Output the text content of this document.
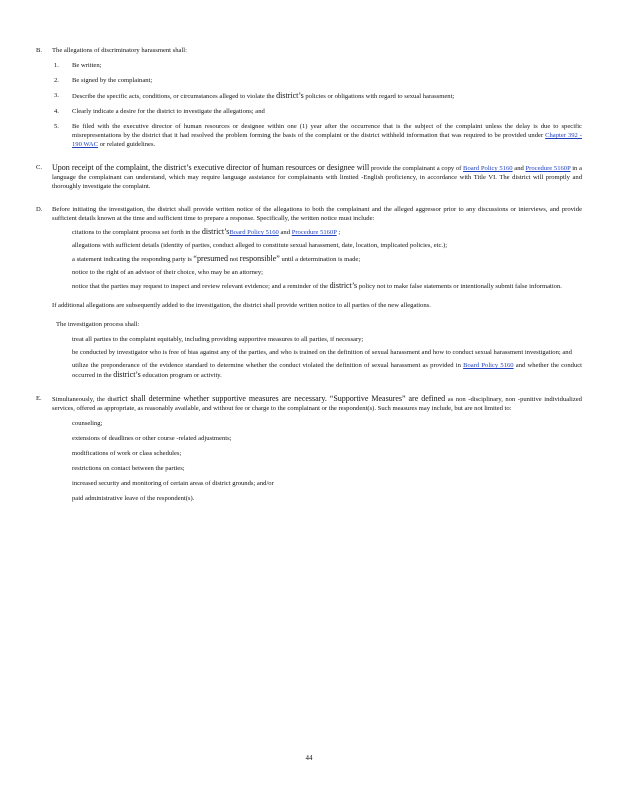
B. The allegations of discriminatory harassment shall:
1. Be written;
2. Be signed by the complainant;
3. Describe the specific acts, conditions, or circumstances alleged to violate the district’s policies or obligations with regard to sexual harassment;
4. Clearly indicate a desire for the district to investigate the allegations; and
5. Be filed with the executive director of human resources or designee within one (1) year after the occurrence that is the subject of the complaint unless the delay is due to specific misrepresentations by the district that it had resolved the problem forming the basis of the complaint or the district withheld information that was required to be provided under Chapter 392 - 190 WAC or related guidelines.
C. Upon receipt of the complaint, the district’s executive director of human resources or designee will provide the complainant a copy of Board Policy 5160 and Procedure 5160P in a language the complainant can understand, which may require language assistance for complainants with limited -English proficiency, in accordance with Title VI. The district will promptly and thoroughly investigate the complaint.
D. Before initiating the investigation, the district shall provide written notice of the allegations to both the complainant and the alleged aggressor prior to any discussions or interviews, and provide sufficient details known at the time and sufficient time to prepare a response. Specifically, the written notice must include:
citations to the complaint process set forth in the district’sBoard Policy 5160 and Procedure 5160P ;
allegations with sufficient details (identity of parties, conduct alleged to constitute sexual harassment, date, location, implicated policies, etc.);
a statement indicating the responding party is “presumed not responsible” until a determination is made;
notice to the right of an advisor of their choice, who may be an attorney;
notice that the parties may request to inspect and review relevant evidence; and a reminder of the district’s policy not to make false statements or intentionally submit false information.
If additional allegations are subsequently added to the investigation, the district shall provide written notice to all parties of the new allegations.
The investigation process shall:
treat all parties to the complaint equitably, including providing supportive measures to all parties, if necessary;
be conducted by investigator who is free of bias against any of the parties, and who is trained on the definition of sexual harassment and how to conduct sexual harassment investigation; and
utilize the preponderance of the evidence standard to determine whether the conduct violated the definition of sexual harassment as provided in Board Policy 5160 and whether the conduct occurred in the district’s education program or activity.
E. Simultaneously, the district shall determine whether supportive measures are necessary. “Supportive Measures” are defined as non -disciplinary, non -punitive individualized services, offered as appropriate, as reasonably available, and without fee or charge to the complainant or the respondent(s). Such measures may include, but are not limited to:
counseling;
extensions of deadlines or other course -related adjustments;
modifications of work or class schedules;
restrictions on contact between the parties;
increased security and monitoring of certain areas of district grounds; and/or
paid administrative leave of the respondent(s).
44
